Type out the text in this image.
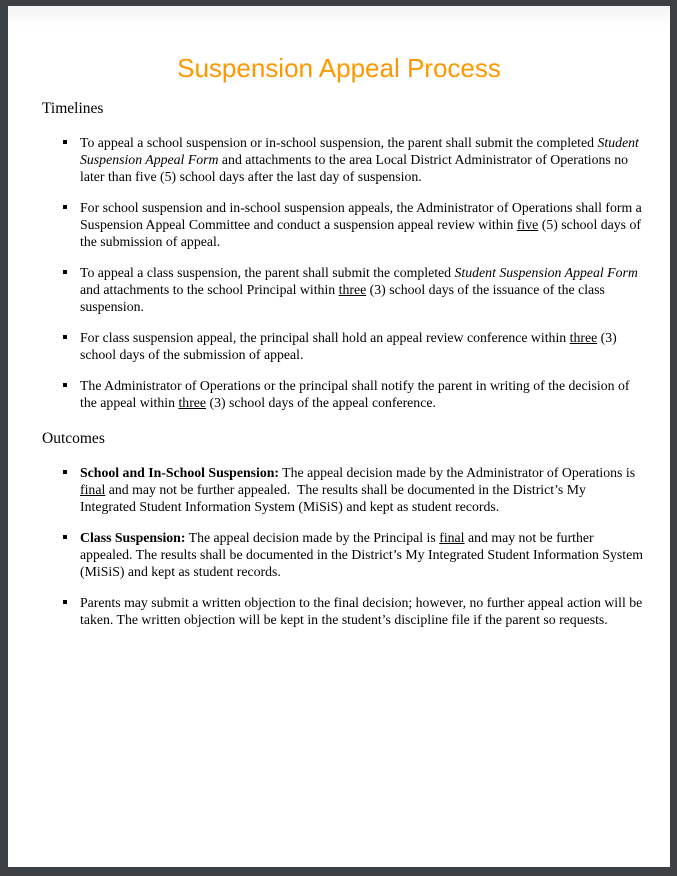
Suspension Appeal Process
Timelines
To appeal a school suspension or in-school suspension, the parent shall submit the completed Student Suspension Appeal Form and attachments to the area Local District Administrator of Operations no later than five (5) school days after the last day of suspension.
For school suspension and in-school suspension appeals, the Administrator of Operations shall form a Suspension Appeal Committee and conduct a suspension appeal review within five (5) school days of the submission of appeal.
To appeal a class suspension, the parent shall submit the completed Student Suspension Appeal Form and attachments to the school Principal within three (3) school days of the issuance of the class suspension.
For class suspension appeal, the principal shall hold an appeal review conference within three (3) school days of the submission of appeal.
The Administrator of Operations or the principal shall notify the parent in writing of the decision of the appeal within three (3) school days of the appeal conference.
Outcomes
School and In-School Suspension: The appeal decision made by the Administrator of Operations is final and may not be further appealed.  The results shall be documented in the District’s My Integrated Student Information System (MiSiS) and kept as student records.
Class Suspension: The appeal decision made by the Principal is final and may not be further appealed. The results shall be documented in the District’s My Integrated Student Information System (MiSiS) and kept as student records.
Parents may submit a written objection to the final decision; however, no further appeal action will be taken. The written objection will be kept in the student’s discipline file if the parent so requests.
